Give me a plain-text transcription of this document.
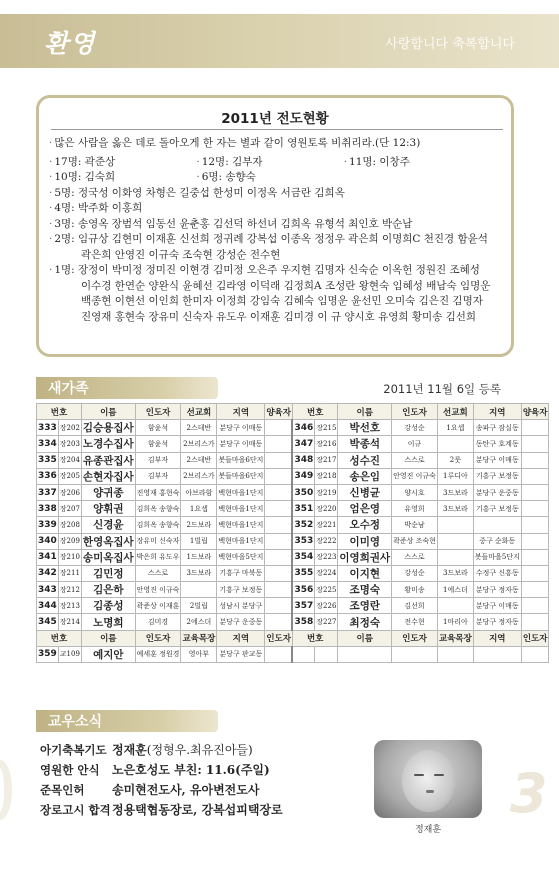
환영	사랑합니다 축복합니다
2011년 전도현황
· 많은 사람을 옳은 데로 돌아오게 한 자는 별과 같이 영원토록 비취리라.(단 12:3)
· 17명: 곽준상	· 12명: 김부자	· 11명: 이창주
· 10명: 김숙희	· 6명: 송향숙
· 5명: 정국성 이화영 차형은 길중섭 한성미 이정옥 서금란 김희옥
· 4명: 박주화 이홍희
· 3명: 송영옥 장범석 임동선 윤춘홍 김선덕 하선녀 김희옥 유형석 최인호 박순남
· 2명: 임규상 김현미 이재훈 신선희 정귀례 강복섭 이종옥 정정우 곽은희 이명희C 천진경 함윤석
곽은희 안영진 이규숙 조숙현 강성순 전수현
· 1명: 장정이 박미정 정미진 이현경 김미정 오은주 우지현 김명자 신숙순 이옥헌 정원진 조혜성
이수경 한연순 양완식 윤혜선 김라영 이덕래 김정희A 조성란 왕현숙 임혜성 배남숙 임명운
백종현 이현선 이인희 한미자 이정희 강임숙 김혜숙 임명운 윤선민 오미숙 김은진 김명자
진영재 홍현숙 장유미 신숙자 유도우 이재훈 김미경 이 규 양시호 유영희 황미송 김선희
새가족	2011년 11월 6일 등록
번호		이름	인도자	선교회	지역	양육자	번호		이름	인도자	선교회	지역	양육자
333	장202	김승용집사	함윤석	2스데반	분당구 이매동		346	장215	박선호	강성순	1요셉	송파구 잠실동	
334	장203	노경수집사	함윤석	2브리스가	분당구 이매동		347	장216	박종석	이규		동탄구 호계동	
335	장204	유종관집사	김부자	2스데반	봇들마을6단지		348	장217	성수진	스스로	2룻	분당구 이매동	
336	장205	손현자집사	김부자	2브리스가	봇들마을6단지		349	장218	송은임	안영진 이규숙	1루디아	기흥구 보정동	
337	장206	양귀종	진영재 홍현숙	아브라함	백현마을1단지		350	장219	신병균	양시호	3드보라	분당구 운중동	
338	장207	양휘권	김희옥 송향숙	1요셉	백현마을1단지		351	장220	엄은영	유영희	3드보라	기흥구 보정동	
339	장208	신경윤	김희옥 송향숙	2드보라	백현마을1단지		352	장221	오수정	박순남			
340	장209	한영옥집사	장유미 신숙자	1빌립	백현마을1단지		353	장222	이미영	곽준상 조숙현		중구 순화동	
341	장210	송미옥집사	박은희 유도우	1드보라	백현마을5단지		354	장223	이영희권사	스스로		봇들마을5단지	
342	장211	김민정	스스로	3드보라	기흥구 마북동		355	장224	이지현	강성순	3드보라	수정구 신흥동	
343	장212	김은하	안영진 이규숙		기흥구 보정동		356	장225	조명숙	황미송	1에스더	분당구 정자동	
344	장213	김종성	곽준상 이재훈	2빌립	성남시 분당구		357	장226	조영란	김선희		분당구 이매동	
345	장214	노명희	김미경	2에스더	분당구 운중동		358	장227	최정숙	전수현	1마리아	분당구 정자동	
번호		이름	인도자	교육목장	지역	인도자	번호		이름	인도자	교육목장	지역	인도자
359	교109	예지안	예세훈 정원경	영아부	분당구 판교동								
교우소식
아기축복기도 정재훈(정형우.최유진아들)
영원한 안식 노은호성도 부친: 11.6(주일)
준목인허 송미현전도사, 유아변전도사
장로고시 합격정용택협동장로, 강복섭피택장로
정재훈
3
